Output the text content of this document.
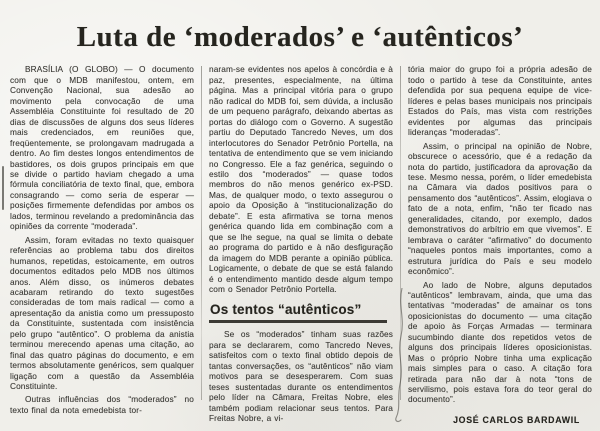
Luta de ‘moderados’ e ‘autênticos’

BRASÍLIA (O GLOBO) — O documento com que o MDB manifestou, ontem, em Convenção Nacional, sua adesão ao movimento pela convocação de uma Assembléia Constituinte foi resultado de 20 dias de discussões de alguns dos seus líderes mais credenciados, em reuniões que, freqüentemente, se prolongavam madrugada a dentro. Ao fim destes longos entendimentos de bastidores, os dois grupos principais em que se divide o partido haviam chegado a uma fórmula conciliatória de texto final, que, embora consagrando — como seria de esperar — posições firmemente defendidas por ambos os lados, terminou revelando a predominância das opiniões da corrente “moderada”.

Assim, foram evitadas no texto quaisquer referências ao problema tabu dos direitos humanos, repetidas, estoicamente, em outros documentos editados pelo MDB nos últimos anos. Além disso, os inúmeros debates acabaram retirando do texto sugestões consideradas de tom mais radical — como a apresentação da anistia como um pressuposto da Constituinte, sustentada com insistência pelo grupo “autêntico”. O problema da anistia terminou merecendo apenas uma citação, ao final das quatro páginas do documento, e em termos absolutamente genéricos, sem qualquer ligação com a questão da Assembléia Constituinte.

Outras influências dos “moderados” no texto final da nota emedebista tor-

naram-se evidentes nos apelos à concórdia e à paz, presentes, especialmente, na última página. Mas a principal vitória para o grupo não radical do MDB foi, sem dúvida, a inclusão de um pequeno parágrafo, deixando abertas as portas do diálogo com o Governo. A sugestão partiu do Deputado Tancredo Neves, um dos interlocutores do Senador Petrônio Portella, na tentativa de entendimento que se vem iniciando no Congresso. Ele a faz genérica, seguindo o estilo dos “moderados” — quase todos membros do não menos genérico ex-PSD. Mas, de qualquer modo, o texto assegurou o apoio da Oposição à “institucionalização do debate”. E esta afirmativa se torna menos genérica quando lida em combinação com a que se lhe segue, na qual se limita o debate ao programa do partido e à não desfiguração da imagem do MDB perante a opinião pública. Logicamente, o debate de que se está falando é o entendimento mantido desde algum tempo com o Senador Petrônio Portella.

Os tentos “autênticos”

Se os “moderados” tinham suas razões para se declararem, como Tancredo Neves, satisfeitos com o texto final obtido depois de tantas conversações, os “autênticos” não viam motivos para se desesperarem. Com suas teses sustentadas durante os entendimentos pelo líder na Câmara, Freitas Nobre, eles também podiam relacionar seus tentos. Para Freitas Nobre, a vi-

tória maior do grupo foi a própria adesão de todo o partido à tese da Constituinte, antes defendida por sua pequena equipe de vice-líderes e pelas bases municipais nos principais Estados do País, mas vista com restrições evidentes por algumas das principais lideranças “moderadas”.

Assim, o principal na opinião de Nobre, obscurece o acessório, que é a redação da nota do partido, justificadora da aprovação da tese. Mesmo nessa, porém, o líder emedebista na Câmara via dados positivos para o pensamento dos “autênticos”. Assim, elogiava o fato de a nota, enfim, “não ter ficado nas generalidades, citando, por exemplo, dados demonstrativos do arbítrio em que vivemos”. E lembrava o caráter “afirmativo” do documento “naqueles pontos mais importantes, como a estrutura jurídica do País e seu modelo econômico”.

Ao lado de Nobre, alguns deputados “autênticos” lembravam, ainda, que uma das tentativas “moderadas” de amainar os tons oposicionistas do documento — uma citação de apoio às Forças Armadas — terminara sucumbindo diante dos repetidos vetos de alguns dos principais líderes oposicionistas. Mas o próprio Nobre tinha uma explicação mais simples para o caso. A citação fora retirada para não dar à nota “tons de servilismo, pois estava fora do teor geral do documento”.

JOSÉ CARLOS BARDAWIL
